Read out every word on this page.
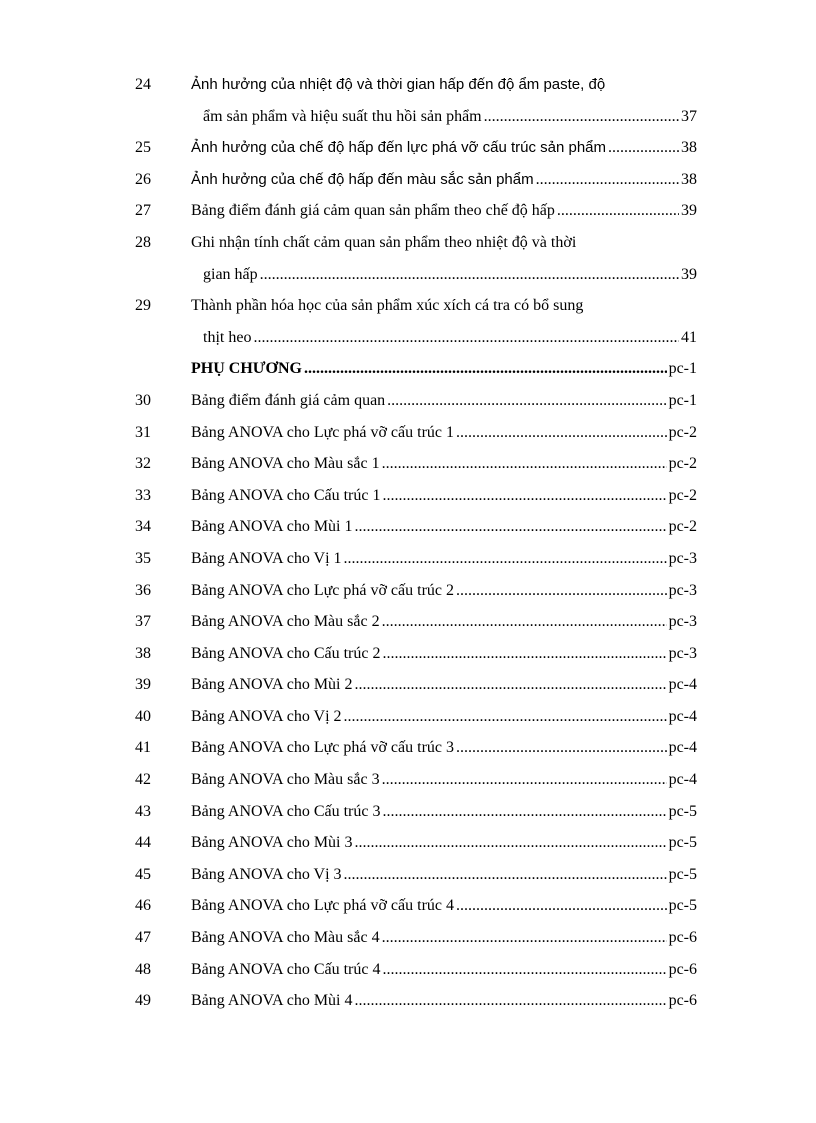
24	Ảnh hưởng của nhiệt độ và thời gian hấp đến độ ẩm paste, độ
ẩm sản phẩm và hiệu suất thu hồi sản phẩm .....	37
25	Ảnh hưởng của chế độ hấp đến lực phá vỡ cấu trúc sản phẩm .....	38
26	Ảnh hưởng của chế độ hấp đến màu sắc sản phẩm .....	38
27	Bảng điểm đánh giá cảm quan sản phẩm theo chế độ hấp .....	39
28	Ghi nhận tính chất cảm quan sản phẩm theo nhiệt độ và thời
gian hấp .....	39
29	Thành phần hóa học của sản phẩm xúc xích cá tra có bổ sung
thịt heo .....	41
PHỤ CHƯƠNG .....	pc-1
30	Bảng điểm đánh giá cảm quan .....	pc-1
31	Bảng ANOVA cho Lực phá vỡ cấu trúc 1 .....	pc-2
32	Bảng ANOVA cho Màu sắc 1 .....	pc-2
33	Bảng ANOVA cho Cấu trúc 1 .....	pc-2
34	Bảng ANOVA cho Mùi 1 .....	pc-2
35	Bảng ANOVA cho Vị 1 .....	pc-3
36	Bảng ANOVA cho Lực phá vỡ cấu trúc 2 .....	pc-3
37	Bảng ANOVA cho Màu sắc 2 .....	pc-3
38	Bảng ANOVA cho Cấu trúc 2 .....	pc-3
39	Bảng ANOVA cho Mùi 2 .....	pc-4
40	Bảng ANOVA cho Vị 2 .....	pc-4
41	Bảng ANOVA cho Lực phá vỡ cấu trúc 3 .....	pc-4
42	Bảng ANOVA cho Màu sắc 3 .....	pc-4
43	Bảng ANOVA cho Cấu trúc 3 .....	pc-5
44	Bảng ANOVA cho Mùi 3 .....	pc-5
45	Bảng ANOVA cho Vị 3 .....	pc-5
46	Bảng ANOVA cho Lực phá vỡ cấu trúc 4 .....	pc-5
47	Bảng ANOVA cho Màu sắc 4 .....	pc-6
48	Bảng ANOVA cho Cấu trúc 4 .....	pc-6
49	Bảng ANOVA cho Mùi 4 .....	pc-6
